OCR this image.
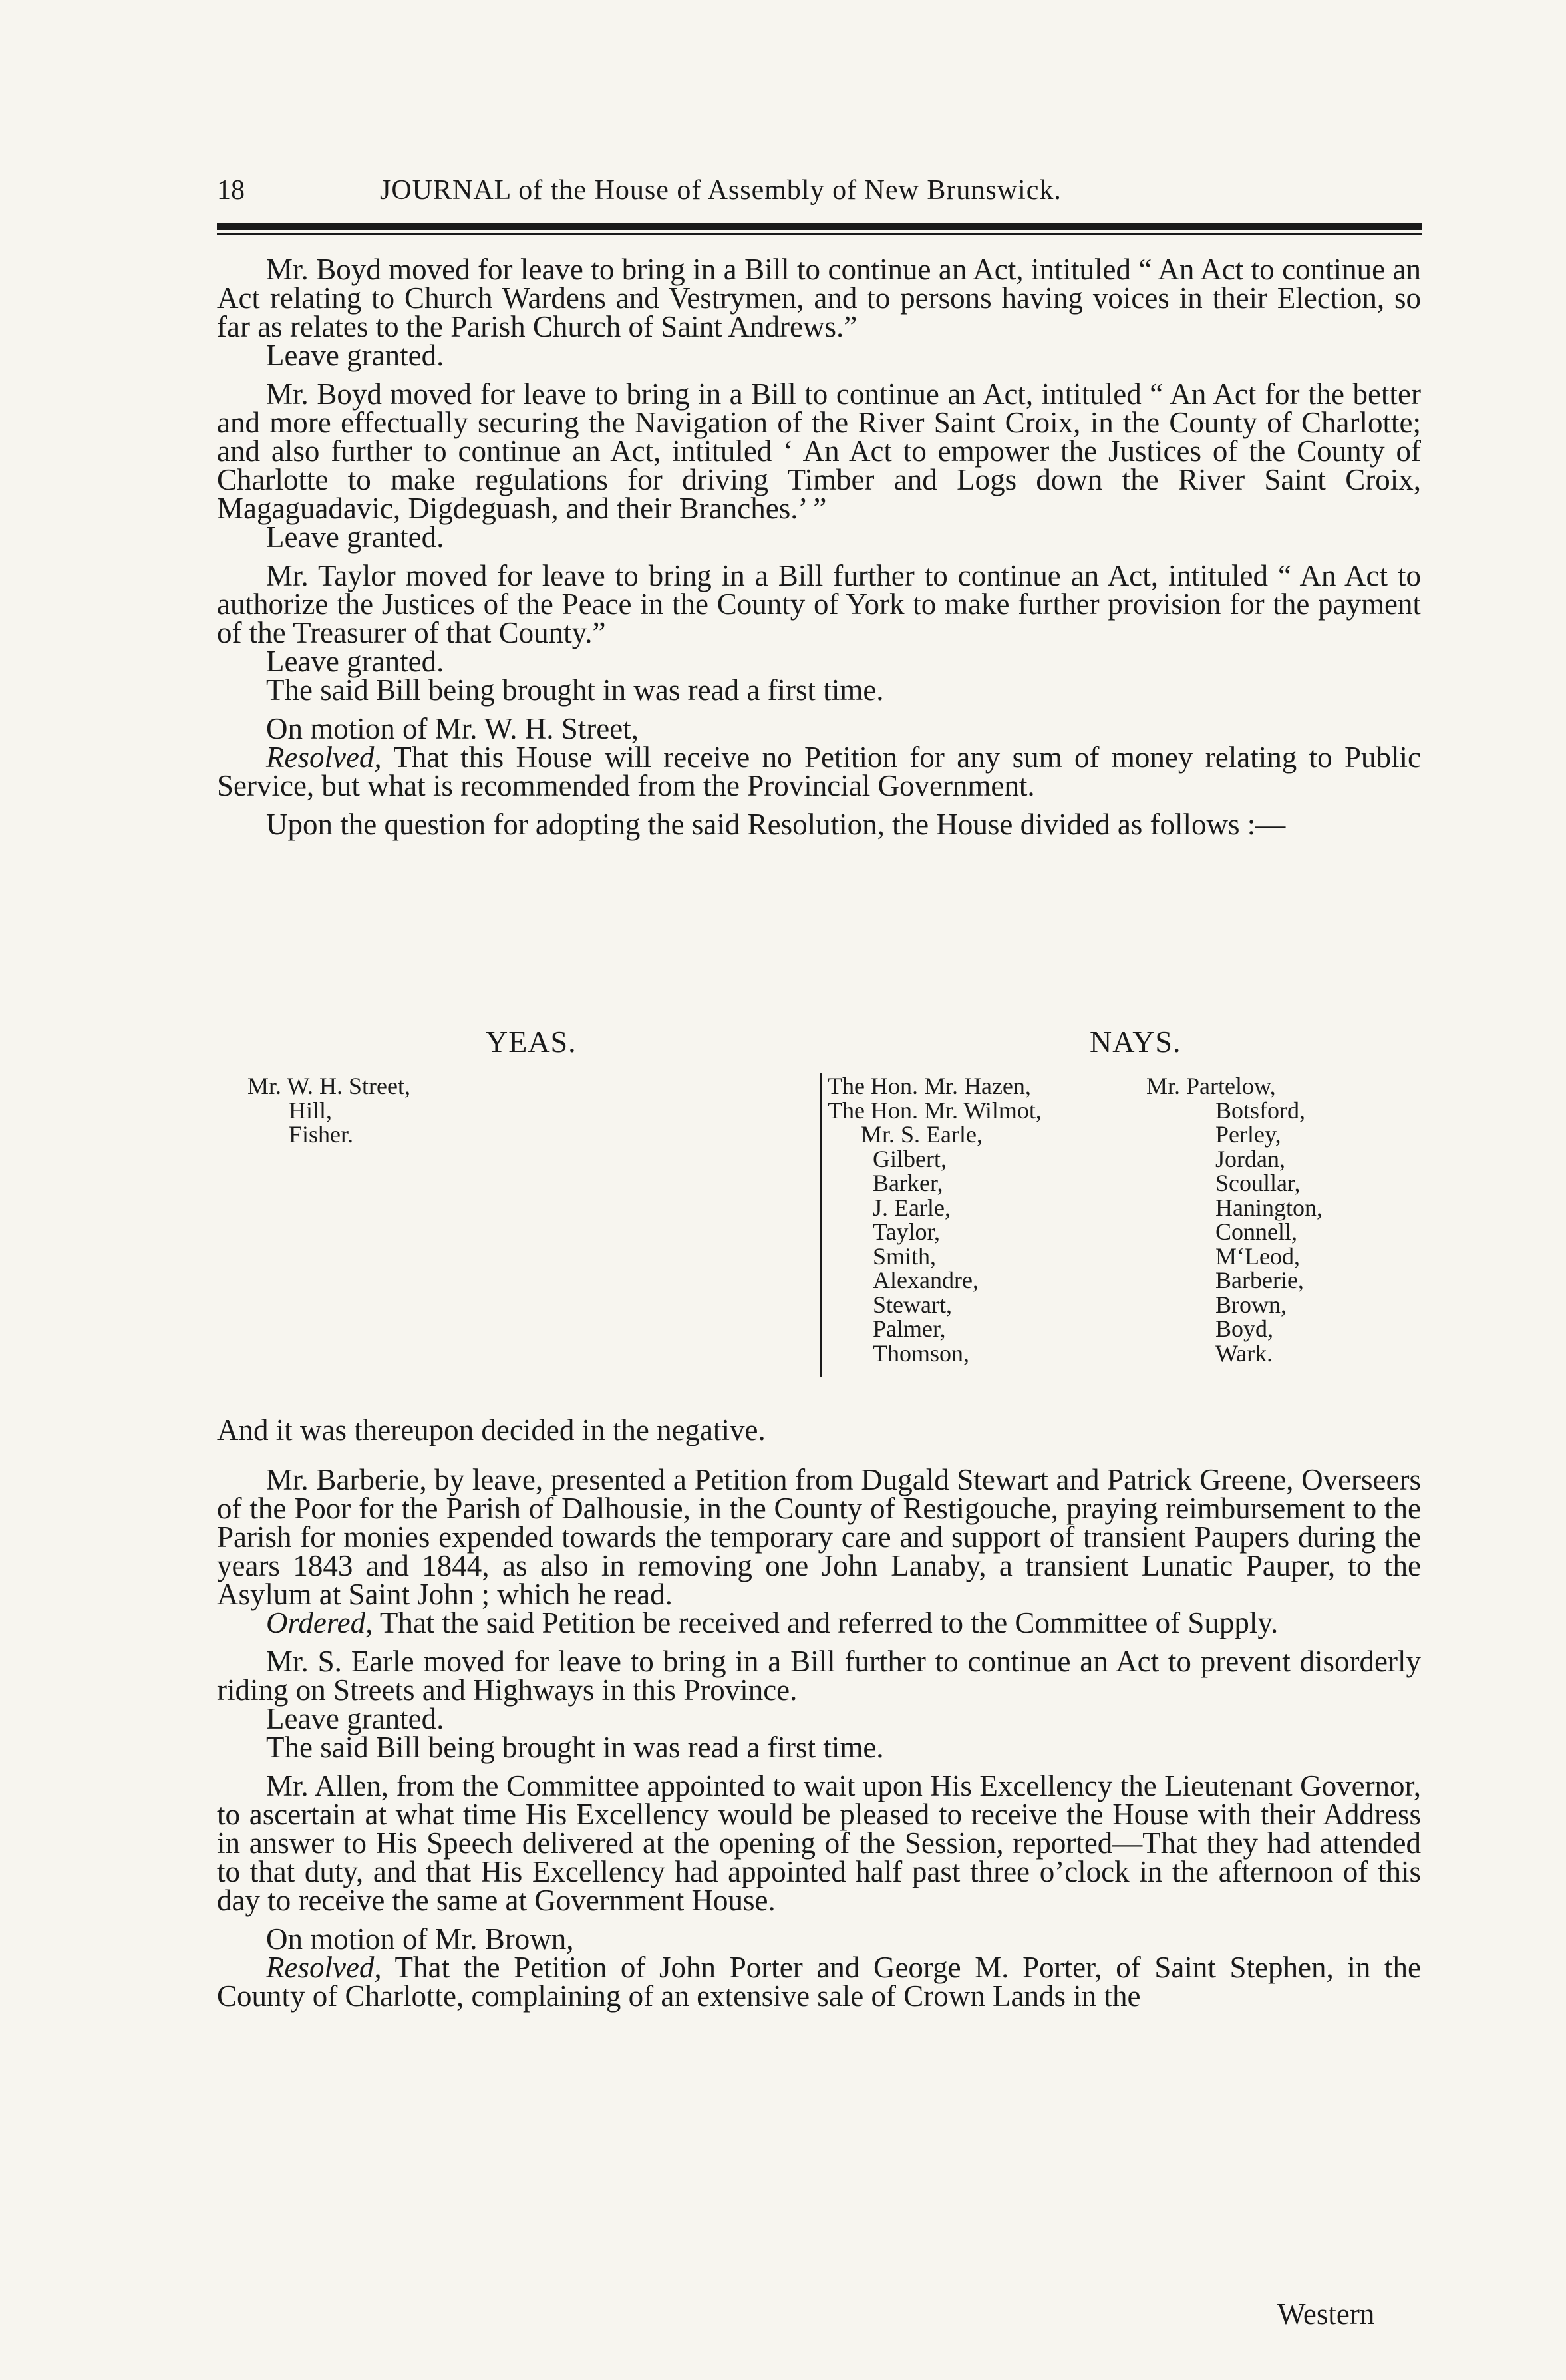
18	JOURNAL of the House of Assembly of New Brunswick.

Mr. Boyd moved for leave to bring in a Bill to continue an Act, intituled “ An Act to continue an Act relating to Church Wardens and Vestrymen, and to persons having voices in their Election, so far as relates to the Parish Church of Saint Andrews.”

Leave granted.

Mr. Boyd moved for leave to bring in a Bill to continue an Act, intituled “ An Act for the better and more effectually securing the Navigation of the River Saint Croix, in the County of Charlotte; and also further to continue an Act, intituled ‘ An Act to empower the Justices of the County of Charlotte to make regulations for driving Timber and Logs down the River Saint Croix, Magaguadavic, Digdeguash, and their Branches.’ ”

Leave granted.

Mr. Taylor moved for leave to bring in a Bill further to continue an Act, intituled “ An Act to authorize the Justices of the Peace in the County of York to make further provision for the payment of the Treasurer of that County.”

Leave granted.

The said Bill being brought in was read a first time.

On motion of Mr. W. H. Street,

Resolved, That this House will receive no Petition for any sum of money relating to Public Service, but what is recommended from the Provincial Government.

Upon the question for adopting the said Resolution, the House divided as follows :—

YEAS.	NAYS.
Mr. W. H. Street,
Hill,
Fisher.
The Hon. Mr. Hazen,
The Hon. Mr. Wilmot,
Mr. S. Earle,
Gilbert,
Barker,
J. Earle,
Taylor,
Smith,
Alexandre,
Stewart,
Palmer,
Thomson,
Mr. Partelow,
Botsford,
Perley,
Jordan,
Scoullar,
Hanington,
Connell,
M‘Leod,
Barberie,
Brown,
Boyd,
Wark.

And it was thereupon decided in the negative.

Mr. Barberie, by leave, presented a Petition from Dugald Stewart and Patrick Greene, Overseers of the Poor for the Parish of Dalhousie, in the County of Restigouche, praying reimbursement to the Parish for monies expended towards the temporary care and support of transient Paupers during the years 1843 and 1844, as also in removing one John Lanaby, a transient Lunatic Pauper, to the Asylum at Saint John ; which he read.

Ordered, That the said Petition be received and referred to the Committee of Supply.

Mr. S. Earle moved for leave to bring in a Bill further to continue an Act to prevent disorderly riding on Streets and Highways in this Province.

Leave granted.

The said Bill being brought in was read a first time.

Mr. Allen, from the Committee appointed to wait upon His Excellency the Lieutenant Governor, to ascertain at what time His Excellency would be pleased to receive the House with their Address in answer to His Speech delivered at the opening of the Session, reported—That they had attended to that duty, and that His Excellency had appointed half past three o’clock in the afternoon of this day to receive the same at Government House.

On motion of Mr. Brown,

Resolved, That the Petition of John Porter and George M. Porter, of Saint Stephen, in the County of Charlotte, complaining of an extensive sale of Crown Lands in the

Western
